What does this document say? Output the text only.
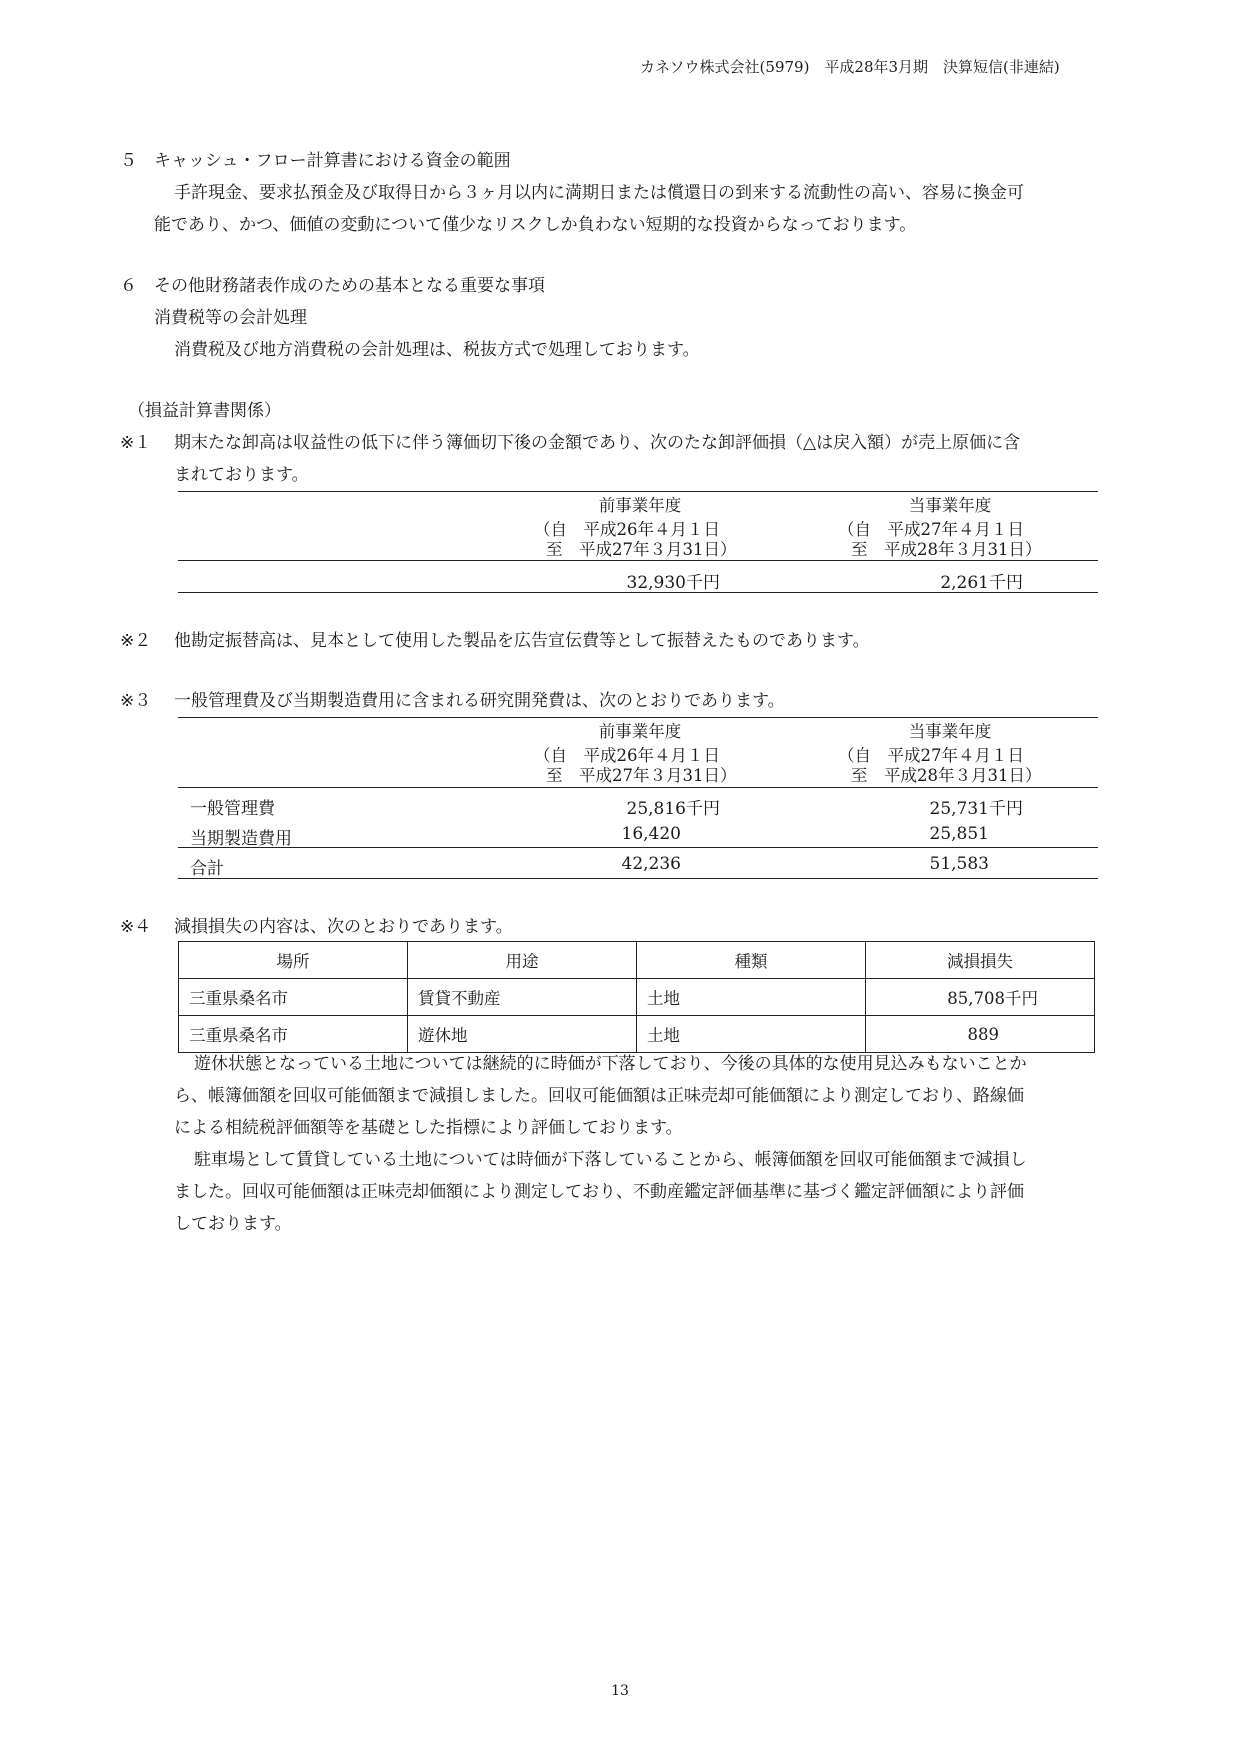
カネソウ株式会社(5979)　平成28年3月期　決算短信(非連結)
５ キャッシュ・フロー計算書における資金の範囲
手許現金、要求払預金及び取得日から３ヶ月以内に満期日または償還日の到来する流動性の高い、容易に換金可
能であり、かつ、価値の変動について僅少なリスクしか負わない短期的な投資からなっております。
６ その他財務諸表作成のための基本となる重要な事項
消費税等の会計処理
消費税及び地方消費税の会計処理は、税抜方式で処理しております。
（損益計算書関係）
※１ 期末たな卸高は収益性の低下に伴う簿価切下後の金額であり、次のたな卸評価損（△は戻入額）が売上原価に含
まれております。
前事業年度
（自　平成26年４月１日
至　平成27年３月31日）
当事業年度
（自　平成27年４月１日
至　平成28年３月31日）
32,930千円	2,261千円
※２ 他勘定振替高は、見本として使用した製品を広告宣伝費等として振替えたものであります。
※３ 一般管理費及び当期製造費用に含まれる研究開発費は、次のとおりであります。
前事業年度
（自　平成26年４月１日
至　平成27年３月31日）
当事業年度
（自　平成27年４月１日
至　平成28年３月31日）
一般管理費	25,816千円	25,731千円
当期製造費用	16,420	25,851
合計	42,236	51,583
※４ 減損損失の内容は、次のとおりであります。
場所	用途	種類	減損損失
三重県桑名市	賃貸不動産	土地	85,708千円
三重県桑名市	遊休地	土地	889
遊休状態となっている土地については継続的に時価が下落しており、今後の具体的な使用見込みもないことか
ら、帳簿価額を回収可能価額まで減損しました。回収可能価額は正味売却可能価額により測定しており、路線価
による相続税評価額等を基礎とした指標により評価しております。
駐車場として賃貸している土地については時価が下落していることから、帳簿価額を回収可能価額まで減損し
ました。回収可能価額は正味売却価額により測定しており、不動産鑑定評価基準に基づく鑑定評価額により評価
しております。
13
